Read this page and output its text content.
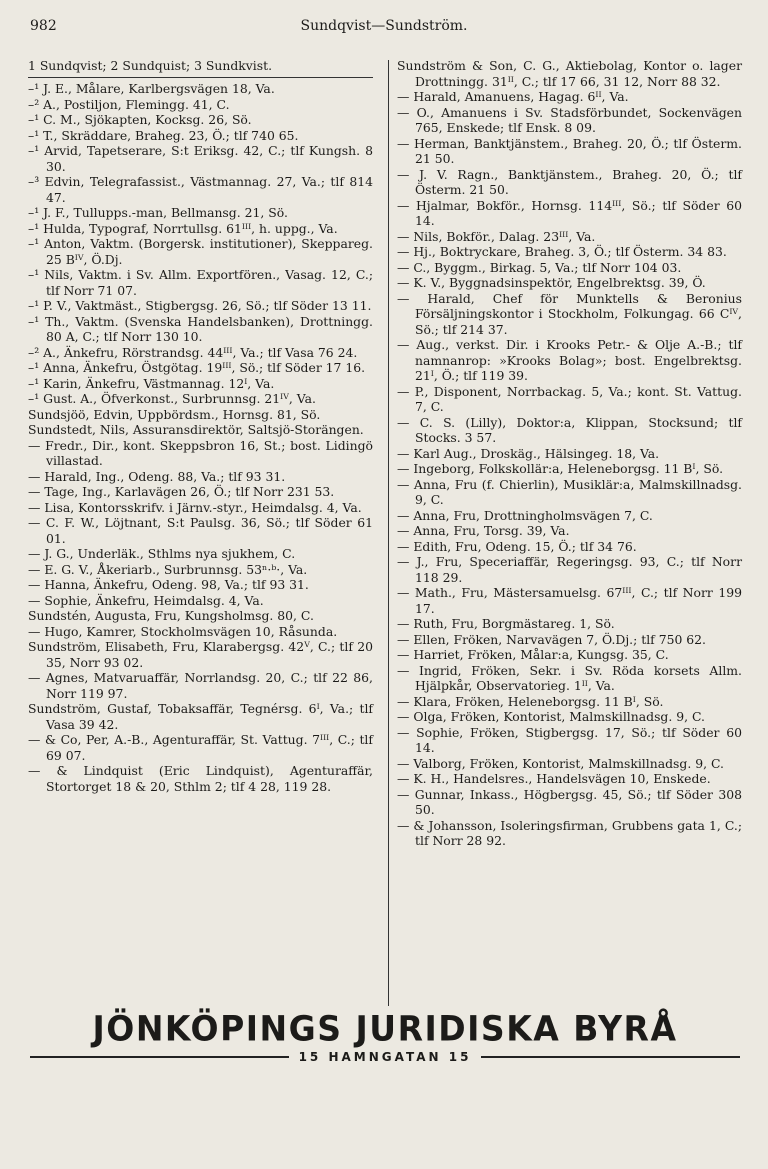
982	Sundqvist—Sundström.
1 Sundqvist; 2 Sundquist; 3 Sundkvist.

–¹ J. E., Målare, Karlbergsvägen 18, Va.

–² A., Postiljon, Flemingg. 41, C.

–¹ C. M., Sjökapten, Kocksg. 26, Sö.

–¹ T., Skräddare, Braheg. 23, Ö.; tlf 740 65.

–¹ Arvid, Tapetserare, S:t Eriksg. 42, C.; tlf Kungsh. 8 30.

–³ Edvin, Telegrafassist., Västmannag. 27, Va.; tlf 814 47.

–¹ J. F., Tullupps.-man, Bellmansg. 21, Sö.

–¹ Hulda, Typograf, Norrtullsg. 61ᴵᴵᴵ, h. uppg., Va.

–¹ Anton, Vaktm. (Borgersk. institutioner), Skeppareg. 25 Bᴵⱽ, Ö.Dj.

–¹ Nils, Vaktm. i Sv. Allm. Exportfören., Vasag. 12, C.; tlf Norr 71 07.

–¹ P. V., Vaktmäst., Stigbergsg. 26, Sö.; tlf Söder 13 11.

–¹ Th., Vaktm. (Svenska Handelsbanken), Drottningg. 80 A, C.; tlf Norr 130 10.

–² A., Änkefru, Rörstrandsg. 44ᴵᴵᴵ, Va.; tlf Vasa 76 24.

–¹ Anna, Änkefru, Östgötag. 19ᴵᴵᴵ, Sö.; tlf Söder 17 16.

–¹ Karin, Änkefru, Västmannag. 12ᴵ, Va.

–¹ Gust. A., Öfverkonst., Surbrunnsg. 21ᴵⱽ, Va.

Sundsjöö, Edvin, Uppbördsm., Hornsg. 81, Sö.

Sundstedt, Nils, Assuransdirektör, Saltsjö-Storängen.

— Fredr., Dir., kont. Skeppsbron 16, St.; bost. Lidingö villastad.

— Harald, Ing., Odeng. 88, Va.; tlf 93 31.

— Tage, Ing., Karlavägen 26, Ö.; tlf Norr 231 53.

— Lisa, Kontorsskrifv. i Järnv.-styr., Heimdalsg. 4, Va.

— C. F. W., Löjtnant, S:t Paulsg. 36, Sö.; tlf Söder 61 01.

— J. G., Underläk., Sthlms nya sjukhem, C.

— E. G. V., Åkeriarb., Surbrunnsg. 53ⁿ·ᵇ·, Va.

— Hanna, Änkefru, Odeng. 98, Va.; tlf 93 31.

— Sophie, Änkefru, Heimdalsg. 4, Va.

Sundstén, Augusta, Fru, Kungsholmsg. 80, C.

— Hugo, Kamrer, Stockholmsvägen 10, Råsunda.

Sundström, Elisabeth, Fru, Klarabergsg. 42ⱽ, C.; tlf 20 35, Norr 93 02.

— Agnes, Matvaruaffär, Norrlandsg. 20, C.; tlf 22 86, Norr 119 97.

Sundström, Gustaf, Tobaksaffär, Tegnérsg. 6ᴵ, Va.; tlf Vasa 39 42.

— & Co, Per, A.-B., Agenturaffär, St. Vattug. 7ᴵᴵᴵ, C.; tlf 69 07.

— & Lindquist (Eric Lindquist), Agenturaffär, Stortorget 18 & 20, Sthlm 2; tlf 4 28, 119 28.

Sundström & Son, C. G., Aktiebolag, Kontor o. lager Drottningg. 31ᴵᴵ, C.; tlf 17 66, 31 12, Norr 88 32.

— Harald, Amanuens, Hagag. 6ᴵᴵ, Va.

— O., Amanuens i Sv. Stadsförbundet, Sockenvägen 765, Enskede; tlf Ensk. 8 09.

— Herman, Banktjänstem., Braheg. 20, Ö.; tlf Österm. 21 50.

— J. V. Ragn., Banktjänstem., Braheg. 20, Ö.; tlf Österm. 21 50.

— Hjalmar, Bokför., Hornsg. 114ᴵᴵᴵ, Sö.; tlf Söder 60 14.

— Nils, Bokför., Dalag. 23ᴵᴵᴵ, Va.

— Hj., Boktryckare, Braheg. 3, Ö.; tlf Österm. 34 83.

— C., Byggm., Birkag. 5, Va.; tlf Norr 104 03.

— K. V., Byggnadsinspektör, Engelbrektsg. 39, Ö.

— Harald, Chef för Munktells & Beronius Försäljningskontor i Stockholm, Folkungag. 66 Cᴵⱽ, Sö.; tlf 214 37.

— Aug., verkst. Dir. i Krooks Petr.- & Olje A.-B.; tlf namnanrop: »Krooks Bolag»; bost. Engelbrektsg. 21ᴵ, Ö.; tlf 119 39.

— P., Disponent, Norrbackag. 5, Va.; kont. St. Vattug. 7, C.

— C. S. (Lilly), Doktor:a, Klippan, Stocksund; tlf Stocks. 3 57.

— Karl Aug., Droskäg., Hälsingeg. 18, Va.

— Ingeborg, Folkskollär:a, Heleneborgsg. 11 Bᴵ, Sö.

— Anna, Fru (f. Chierlin), Musiklär:a, Malmskillnadsg. 9, C.

— Anna, Fru, Drottningholmsvägen 7, C.

— Anna, Fru, Torsg. 39, Va.

— Edith, Fru, Odeng. 15, Ö.; tlf 34 76.

— J., Fru, Speceriaffär, Regeringsg. 93, C.; tlf Norr 118 29.

— Math., Fru, Mästersamuelsg. 67ᴵᴵᴵ, C.; tlf Norr 199 17.

— Ruth, Fru, Borgmästareg. 1, Sö.

— Ellen, Fröken, Narvavägen 7, Ö.Dj.; tlf 750 62.

— Harriet, Fröken, Målar:a, Kungsg. 35, C.

— Ingrid, Fröken, Sekr. i Sv. Röda korsets Allm. Hjälpkår, Observatorieg. 1ᴵᴵ, Va.

— Klara, Fröken, Heleneborgsg. 11 Bᴵ, Sö.

— Olga, Fröken, Kontorist, Malmskillnadsg. 9, C.

— Sophie, Fröken, Stigbergsg. 17, Sö.; tlf Söder 60 14.

— Valborg, Fröken, Kontorist, Malmskillnadsg. 9, C.

— K. H., Handelsres., Handelsvägen 10, Enskede.

— Gunnar, Inkass., Högbergsg. 45, Sö.; tlf Söder 308 50.

— & Johansson, Isoleringsfirman, Grubbens gata 1, C.; tlf Norr 28 92.

JÖNKÖPINGS JURIDISKA BYRÅ
15 HAMNGATAN 15
